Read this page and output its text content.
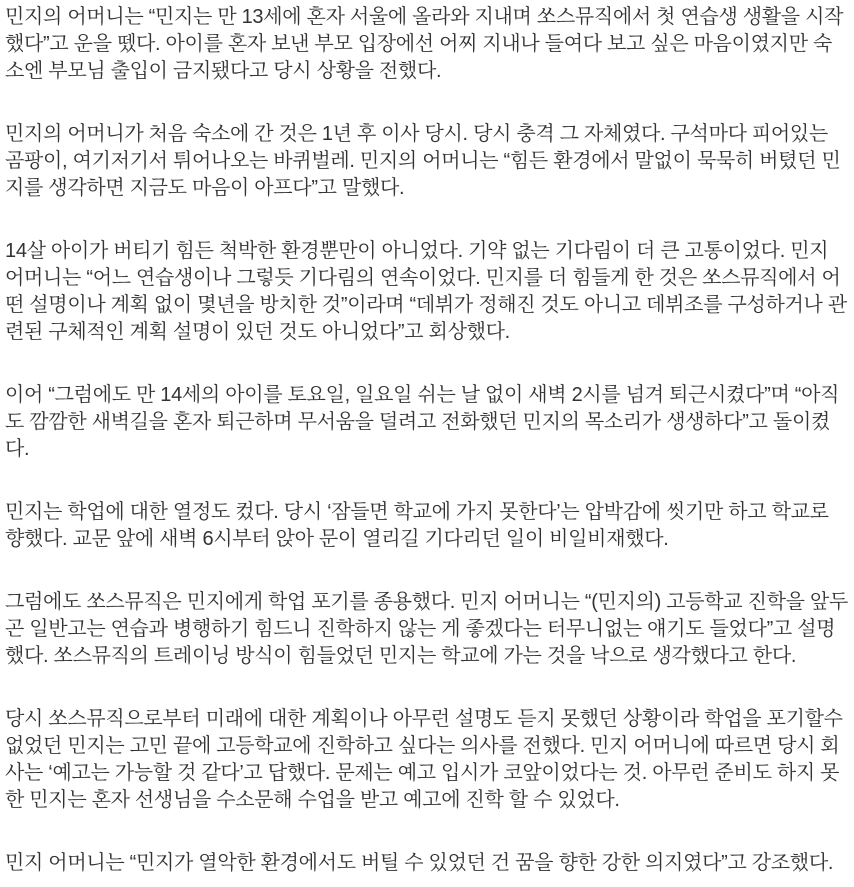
민지의 어머니는 “민지는 만 13세에 혼자 서울에 올라와 지내며 쏘스뮤직에서 첫 연습생 생활을 시작했다”고 운을 뗐다. 아이를 혼자 보낸 부모 입장에선 어찌 지내나 들여다 보고 싶은 마음이였지만 숙소엔 부모님 출입이 금지됐다고 당시 상황을 전했다.

민지의 어머니가 처음 숙소에 간 것은 1년 후 이사 당시. 당시 충격 그 자체였다. 구석마다 피어있는 곰팡이, 여기저기서 튀어나오는 바퀴벌레. 민지의 어머니는 “힘든 환경에서 말없이 묵묵히 버텼던 민지를 생각하면 지금도 마음이 아프다”고 말했다.

14살 아이가 버티기 힘든 척박한 환경뿐만이 아니었다. 기약 없는 기다림이 더 큰 고통이었다. 민지 어머니는 “어느 연습생이나 그렇듯 기다림의 연속이었다. 민지를 더 힘들게 한 것은 쏘스뮤직에서 어떤 설명이나 계획 없이 몇년을 방치한 것”이라며 “데뷔가 정해진 것도 아니고 데뷔조를 구성하거나 관련된 구체적인 계획 설명이 있던 것도 아니었다”고 회상했다.

이어 “그럼에도 만 14세의 아이를 토요일, 일요일 쉬는 날 없이 새벽 2시를 넘겨 퇴근시켰다”며 “아직도 깜깜한 새벽길을 혼자 퇴근하며 무서움을 덜려고 전화했던 민지의 목소리가 생생하다”고 돌이켰다.

민지는 학업에 대한 열정도 컸다. 당시 ‘잠들면 학교에 가지 못한다’는 압박감에 씻기만 하고 학교로 향했다. 교문 앞에 새벽 6시부터 앉아 문이 열리길 기다리던 일이 비일비재했다.

그럼에도 쏘스뮤직은 민지에게 학업 포기를 종용했다. 민지 어머니는 “(민지의) 고등학교 진학을 앞두곤 일반고는 연습과 병행하기 힘드니 진학하지 않는 게 좋겠다는 터무니없는 얘기도 들었다”고 설명했다. 쏘스뮤직의 트레이닝 방식이 힘들었던 민지는 학교에 가는 것을 낙으로 생각했다고 한다.

당시 쏘스뮤직으로부터 미래에 대한 계획이나 아무런 설명도 듣지 못했던 상황이라 학업을 포기할수 없었던 민지는 고민 끝에 고등학교에 진학하고 싶다는 의사를 전했다. 민지 어머니에 따르면 당시 회사는 ‘예고는 가능할 것 같다’고 답했다. 문제는 예고 입시가 코앞이었다는 것. 아무런 준비도 하지 못한 민지는 혼자 선생님을 수소문해 수업을 받고 예고에 진학 할 수 있었다.

민지 어머니는 “민지가 열악한 환경에서도 버틸 수 있었던 건 꿈을 향한 강한 의지였다”고 강조했다.
